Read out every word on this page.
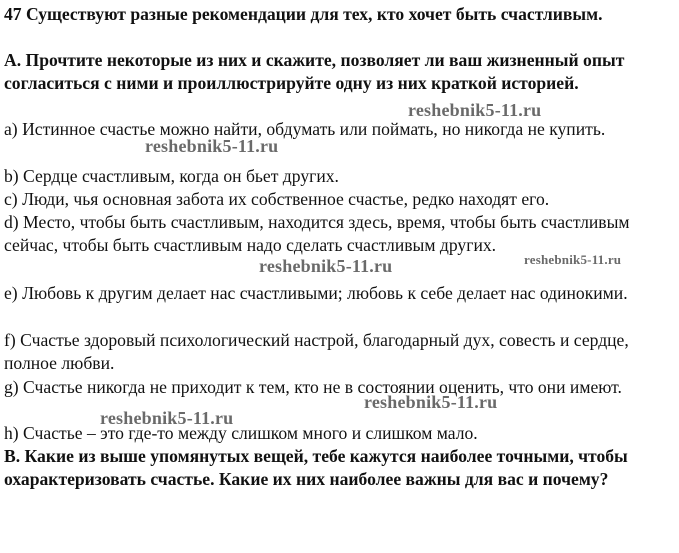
47 Существуют разные рекомендации для тех, кто хочет быть счастливым.

А. Прочтите некоторые из них и скажите, позволяет ли ваш жизненный опыт согласиться с ними и проиллюстрируйте одну из них краткой историей.

a) Истинное счастье можно найти, обдумать или поймать, но никогда не купить.

b) Сердце счастливым, когда он бьет других.

c) Люди, чья основная забота их собственное счастье, редко находят его.

d) Место, чтобы быть счастливым, находится здесь, время, чтобы быть счастливым сейчас, чтобы быть счастливым надо сделать счастливым других.

e) Любовь к другим делает нас счастливыми; любовь к себе делает нас одинокими.

f) Счастье здоровый психологический настрой, благодарный дух, совесть и сердце, полное любви.

g) Счастье никогда не приходит к тем, кто не в состоянии оценить, что они имеют.

h) Счастье – это где-то между слишком много и слишком мало.

В. Какие из выше упомянутых вещей, тебе кажутся наиболее точными, чтобы охарактеризовать счастье. Какие их них наиболее важны для вас и почему?

reshebnik5-11.ru
reshebnik5-11.ru
reshebnik5-11.ru	reshebnik5-11.ru
reshebnik5-11.ru
reshebnik5-11.ru
